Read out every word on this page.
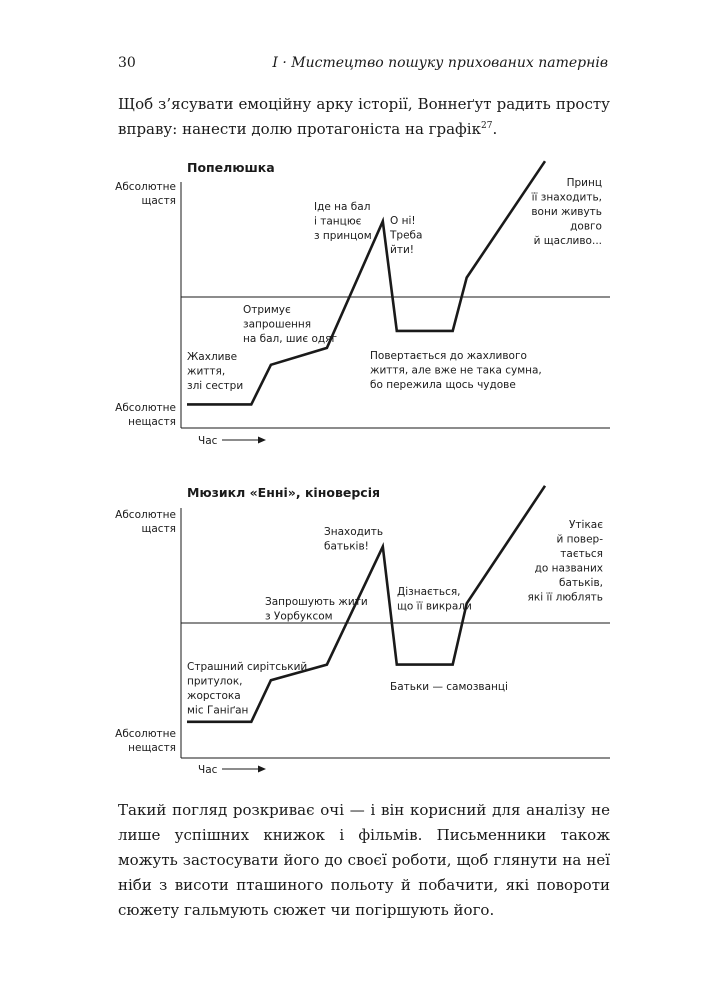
30	I · Мистецтво пошуку прихованих патернів

Щоб з’ясувати емоційну арку історії, Воннеґут радить просту вправу: нанести долю протагоніста на графік$^{27}$.

Попелюшка
Абсолютне
щастя
Абсолютне
нещастя
Час
Жахливе
життя,
злі сестри
Отримує
запрошення
на бал, шиє одяг
Іде на бал
і танцює
з принцом
О ні!
Треба
йти!
Повертається до жахливого
життя, але вже не така сумна,
бо пережила щось чудове
Принц
її знаходить,
вони живуть
довго
й щасливо...
Мюзикл «Енні», кіноверсія
Абсолютне
щастя
Абсолютне
нещастя
Час
Страшний сирітський
притулок,
жорстока
міс Ганіґан
Запрошують жити
з Уорбуксом
Знаходить
батьків!
Дізнається,
що її викрали
Батьки — самозванці
Утікає
й повер-
тається
до названих
батьків,
які її люблять

Такий погляд розкриває очі — і він корисний для аналізу не лише успішних книжок і фільмів. Письменники також можуть застосувати його до своєї роботи, щоб глянути на неї ніби з висоти пташиного польоту й побачити, які повороти сюжету гальмують сюжет чи погіршують його.
